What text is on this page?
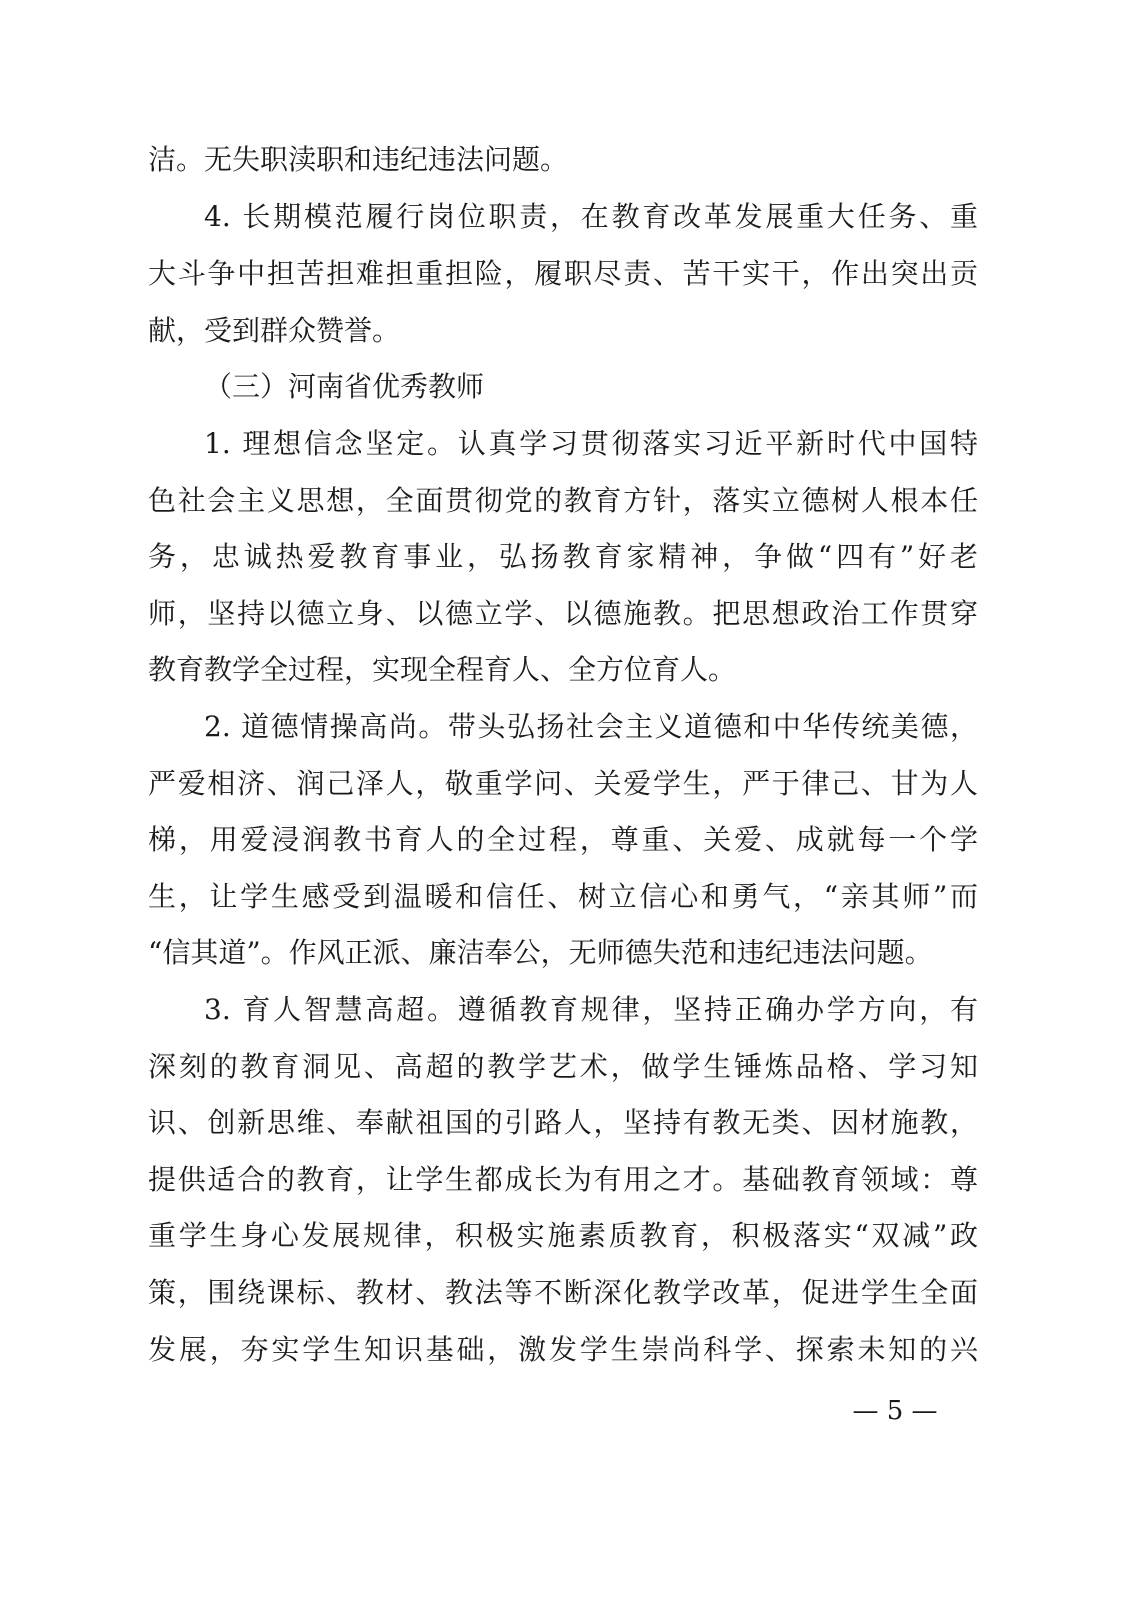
洁。无失职渎职和违纪违法问题。
4. 长期模范履行岗位职责，在教育改革发展重大任务、重
大斗争中担苦担难担重担险，履职尽责、苦干实干，作出突出贡
献，受到群众赞誉。
（三）河南省优秀教师
1. 理想信念坚定。认真学习贯彻落实习近平新时代中国特
色社会主义思想，全面贯彻党的教育方针，落实立德树人根本任
务，忠诚热爱教育事业，弘扬教育家精神，争做“四有”好老
师，坚持以德立身、以德立学、以德施教。把思想政治工作贯穿
教育教学全过程，实现全程育人、全方位育人。
2. 道德情操高尚。带头弘扬社会主义道德和中华传统美德，
严爱相济、润己泽人，敬重学问、关爱学生，严于律己、甘为人
梯，用爱浸润教书育人的全过程，尊重、关爱、成就每一个学
生，让学生感受到温暖和信任、树立信心和勇气，“亲其师”而
“信其道”。作风正派、廉洁奉公，无师德失范和违纪违法问题。
3. 育人智慧高超。遵循教育规律，坚持正确办学方向，有
深刻的教育洞见、高超的教学艺术，做学生锤炼品格、学习知
识、创新思维、奉献祖国的引路人，坚持有教无类、因材施教，
提供适合的教育，让学生都成长为有用之才。基础教育领域：尊
重学生身心发展规律，积极实施素质教育，积极落实“双减”政
策，围绕课标、教材、教法等不断深化教学改革，促进学生全面
发展，夯实学生知识基础，激发学生崇尚科学、探索未知的兴
— 5 —
